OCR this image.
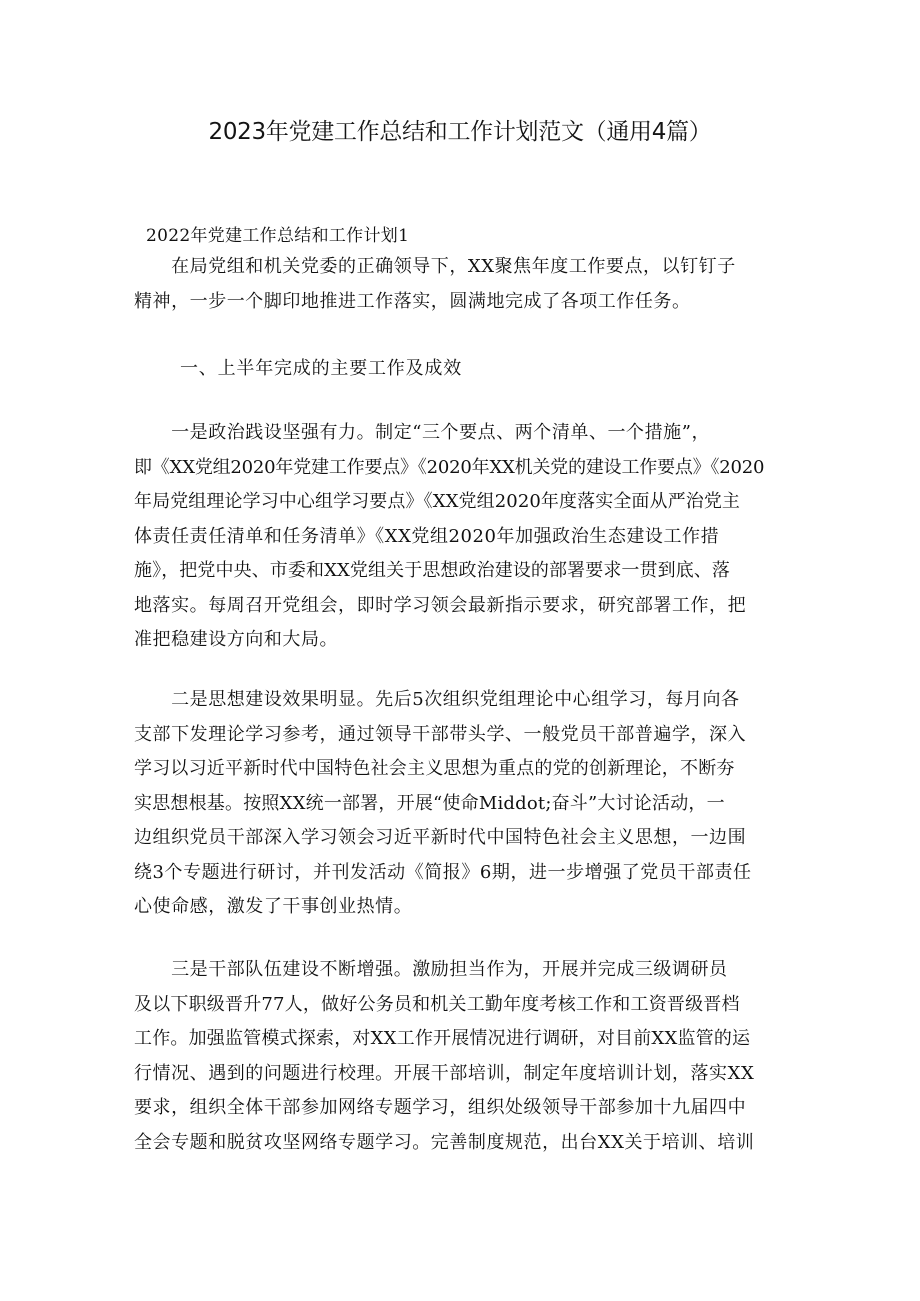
2023年党建工作总结和工作计划范文（通用4篇）
2022年党建工作总结和工作计划1

　　在局党组和机关党委的正确领导下，XX聚焦年度工作要点，以钉钉子

精神，一步一个脚印地推进工作落实，圆满地完成了各项工作任务。

一、上半年完成的主要工作及成效

　　一是政治践设坚强有力。制定“三个要点、两个清单、一个措施”，

即《XX党组2020年党建工作要点》《2020年XX机关党的建设工作要点》《2020

年局党组理论学习中心组学习要点》《XX党组2020年度落实全面从严治党主

体责任责任清单和任务清单》《XX党组2020年加强政治生态建设工作措

施》，把党中央、市委和XX党组关于思想政治建设的部署要求一贯到底、落

地落实。每周召开党组会，即时学习领会最新指示要求，研究部署工作，把

准把稳建设方向和大局。

　　二是思想建设效果明显。先后5次组织党组理论中心组学习，每月向各

支部下发理论学习参考，通过领导干部带头学、一般党员干部普遍学，深入

学习以习近平新时代中国特色社会主义思想为重点的党的创新理论，不断夯

实思想根基。按照XX统一部署，开展“使命Middot;奋斗”大讨论活动，一

边组织党员干部深入学习领会习近平新时代中国特色社会主义思想，一边围

绕3个专题进行研讨，并刊发活动《简报》6期，进一步增强了党员干部责任

心使命感，激发了干事创业热情。

　　三是干部队伍建设不断增强。激励担当作为，开展并完成三级调研员

及以下职级晋升77人，做好公务员和机关工勤年度考核工作和工资晋级晋档

工作。加强监管模式探索，对XX工作开展情况进行调研，对目前XX监管的运

行情况、遇到的问题进行校理。开展干部培训，制定年度培训计划，落实XX

要求，组织全体干部参加网络专题学习，组织处级领导干部参加十九届四中

全会专题和脱贫攻坚网络专题学习。完善制度规范，出台XX关于培训、培训
